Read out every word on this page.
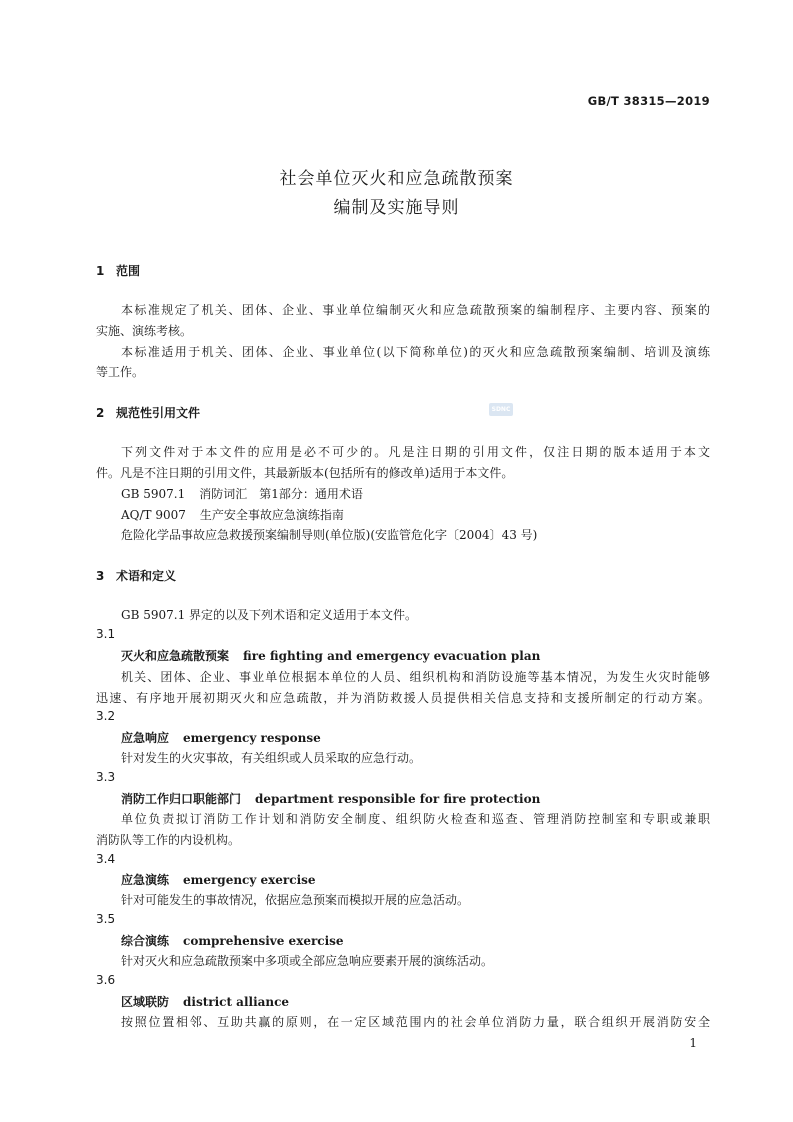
GB/T 38315—2019
社会单位灭火和应急疏散预案
编制及实施导则
1 范围
本标准规定了机关、团体、企业、事业单位编制灭火和应急疏散预案的编制程序、主要内容、预案的
实施、演练考核。
本标准适用于机关、团体、企业、事业单位(以下简称单位)的灭火和应急疏散预案编制、培训及演练
等工作。
2 规范性引用文件	SDNC
下列文件对于本文件的应用是必不可少的。凡是注日期的引用文件，仅注日期的版本适用于本文
件。凡是不注日期的引用文件，其最新版本(包括所有的修改单)适用于本文件。
GB 5907.1 消防词汇　第1部分：通用术语
AQ/T 9007 生产安全事故应急演练指南
危险化学品事故应急救援预案编制导则(单位版)(安监管危化字〔2004〕43 号)
3 术语和定义
GB 5907.1 界定的以及下列术语和定义适用于本文件。
3.1
灭火和应急疏散预案 fire fighting and emergency evacuation plan
机关、团体、企业、事业单位根据本单位的人员、组织机构和消防设施等基本情况，为发生火灾时能够
迅速、有序地开展初期灭火和应急疏散，并为消防救援人员提供相关信息支持和支援所制定的行动方案。
3.2
应急响应 emergency response
针对发生的火灾事故，有关组织或人员采取的应急行动。
3.3
消防工作归口职能部门 department responsible for fire protection
单位负责拟订消防工作计划和消防安全制度、组织防火检查和巡查、管理消防控制室和专职或兼职
消防队等工作的内设机构。
3.4
应急演练 emergency exercise
针对可能发生的事故情况，依据应急预案而模拟开展的应急活动。
3.5
综合演练 comprehensive exercise
针对灭火和应急疏散预案中多项或全部应急响应要素开展的演练活动。
3.6
区域联防 district alliance
按照位置相邻、互助共赢的原则，在一定区域范围内的社会单位消防力量，联合组织开展消防安全
1
